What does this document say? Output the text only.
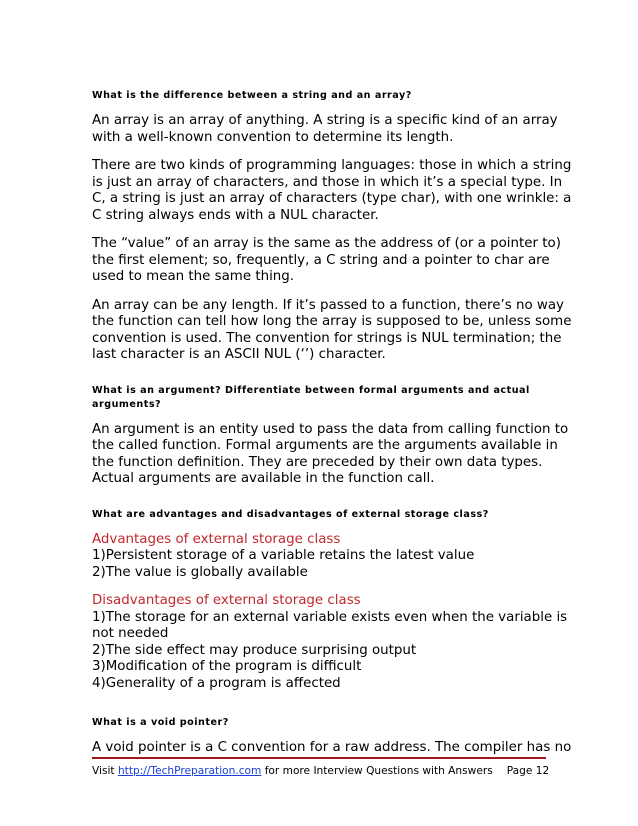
What is the difference between a string and an array?

An array is an array of anything. A string is a specific kind of an array
with a well-known convention to determine its length.

There are two kinds of programming languages: those in which a string
is just an array of characters, and those in which it’s a special type. In
C, a string is just an array of characters (type char), with one wrinkle: a
C string always ends with a NUL character.

The “value” of an array is the same as the address of (or a pointer to)
the first element; so, frequently, a C string and a pointer to char are
used to mean the same thing.

An array can be any length. If it’s passed to a function, there’s no way
the function can tell how long the array is supposed to be, unless some
convention is used. The convention for strings is NUL termination; the
last character is an ASCII NUL (‘’) character.

What is an argument? Differentiate between formal arguments and actual
arguments?

An argument is an entity used to pass the data from calling function to
the called function. Formal arguments are the arguments available in
the function definition. They are preceded by their own data types.
Actual arguments are available in the function call.

What are advantages and disadvantages of external storage class?

Advantages of external storage class
1)Persistent storage of a variable retains the latest value
2)The value is globally available

Disadvantages of external storage class
1)The storage for an external variable exists even when the variable is
not needed
2)The side effect may produce surprising output
3)Modification of the program is difficult
4)Generality of a program is affected

What is a void pointer?

A void pointer is a C convention for a raw address. The compiler has no

Visit http://TechPreparation.com for more Interview Questions with Answers Page 12
